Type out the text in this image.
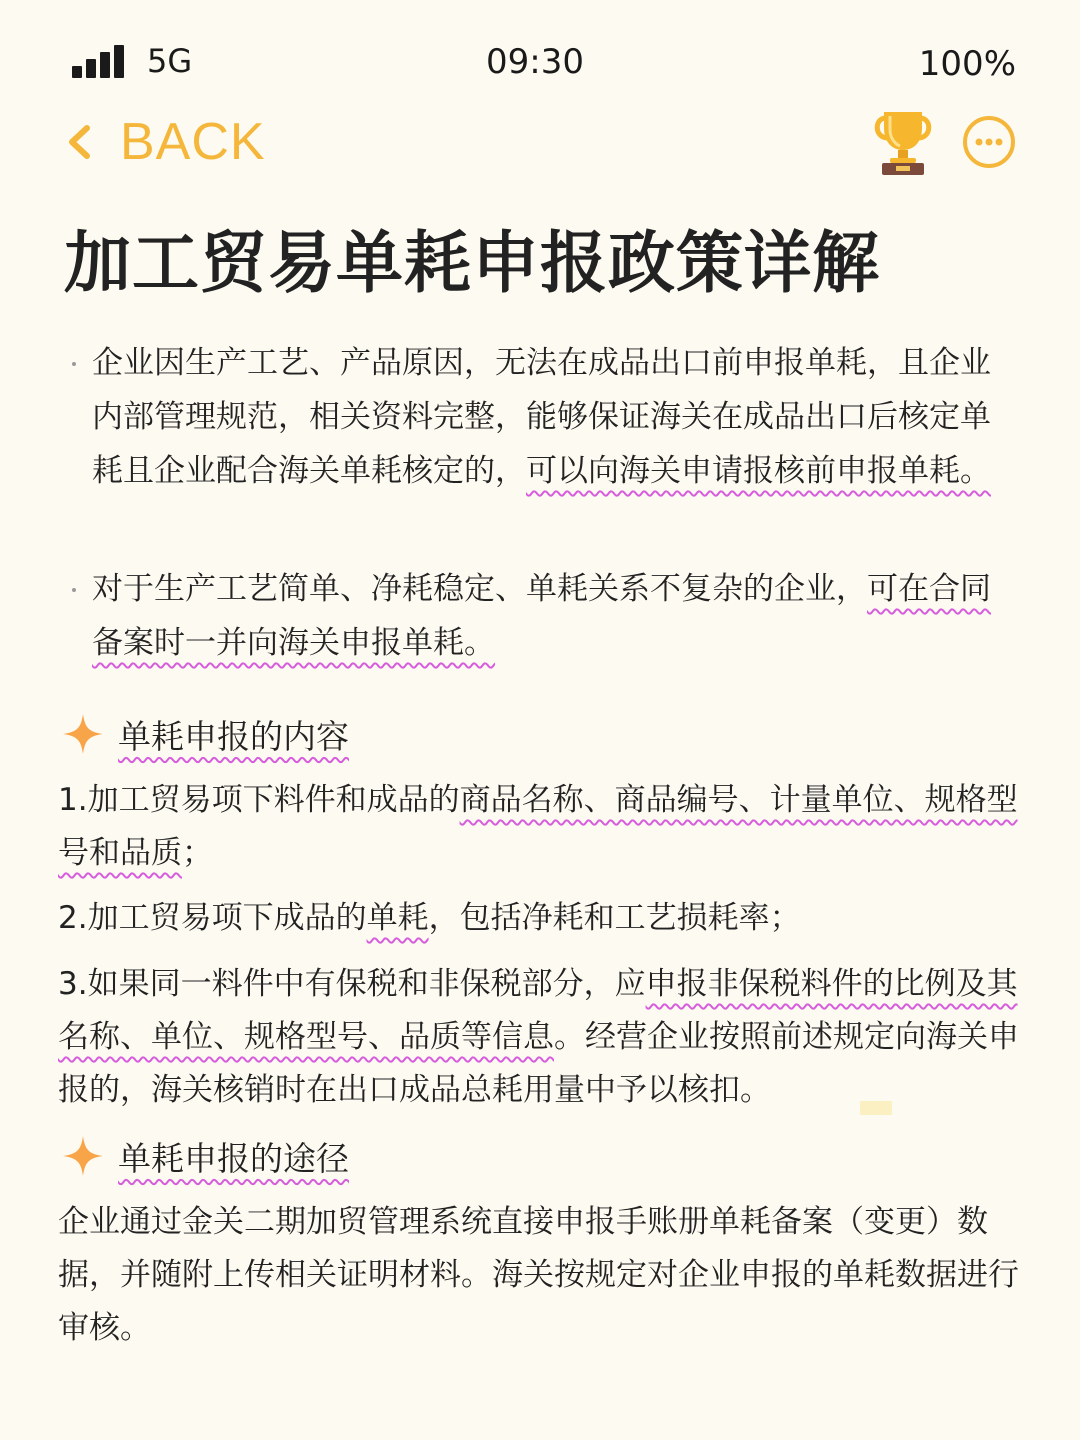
5G	09:30	100%
BACK
加工贸易单耗申报政策详解
企业因生产工艺、产品原因，无法在成品出口前申报单耗，且企业内部管理规范，相关资料完整，能够保证海关在成品出口后核定单耗且企业配合海关单耗核定的，可以向海关申请报核前申报单耗。
对于生产工艺简单、净耗稳定、单耗关系不复杂的企业，可在合同备案时一并向海关申报单耗。
单耗申报的内容
1.加工贸易项下料件和成品的商品名称、商品编号、计量单位、规格型号和品质；
2.加工贸易项下成品的单耗，包括净耗和工艺损耗率；
3.如果同一料件中有保税和非保税部分，应申报非保税料件的比例及其名称、单位、规格型号、品质等信息。经营企业按照前述规定向海关申报的，海关核销时在出口成品总耗用量中予以核扣。
单耗申报的途径
企业通过金关二期加贸管理系统直接申报手账册单耗备案（变更）数据，并随附上传相关证明材料。海关按规定对企业申报的单耗数据进行审核。
